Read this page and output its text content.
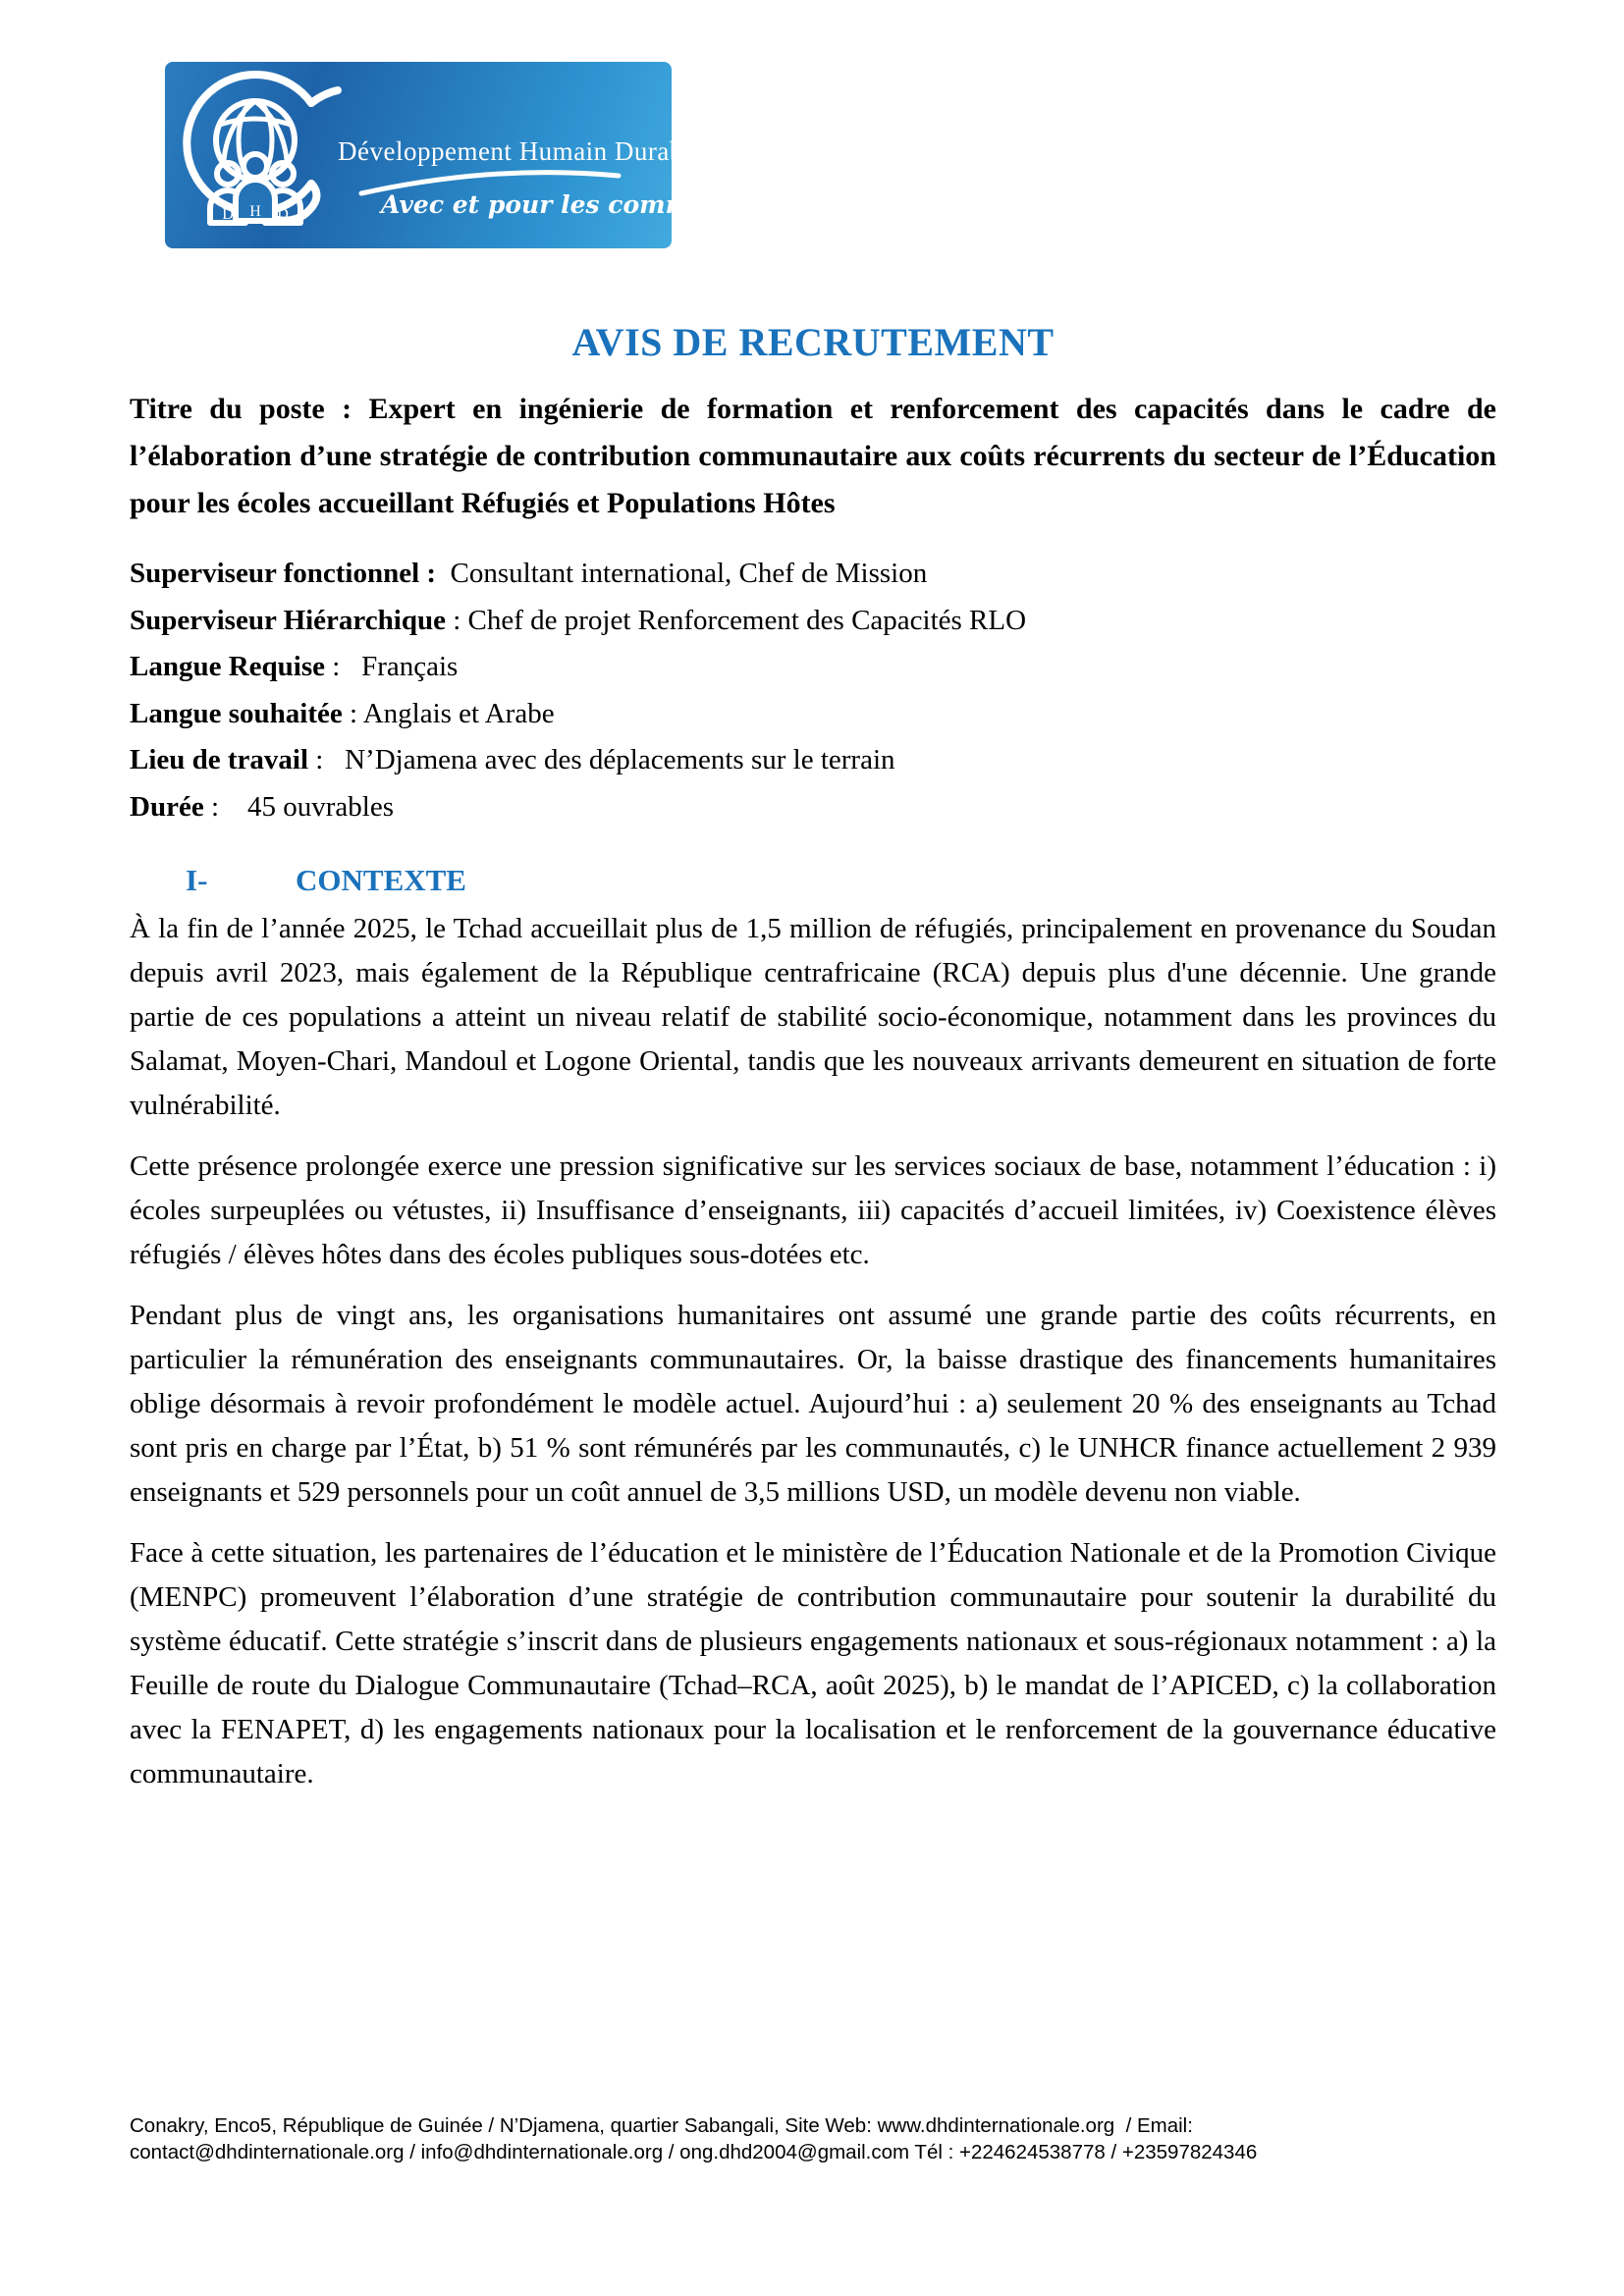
D H D
Développement Humain Durable
Avec et pour les communautés
AVIS DE RECRUTEMENT

Titre du poste : Expert en ingénierie de formation et renforcement des capacités dans le cadre de l’élaboration d’une stratégie de contribution communautaire aux coûts récurrents du secteur de l’Éducation pour les écoles accueillant Réfugiés et Populations Hôtes

Superviseur fonctionnel :  Consultant international, Chef de Mission
Superviseur Hiérarchique : Chef de projet Renforcement des Capacités RLO
Langue Requise :   Français
Langue souhaitée : Anglais et Arabe
Lieu de travail :   N’Djamena avec des déplacements sur le terrain
Durée :    45 ouvrables
I-	CONTEXTE

À la fin de l’année 2025, le Tchad accueillait plus de 1,5 million de réfugiés, principalement en provenance du Soudan depuis avril 2023, mais également de la République centrafricaine (RCA) depuis plus d'une décennie. Une grande partie de ces populations a atteint un niveau relatif de stabilité socio-économique, notamment dans les provinces du Salamat, Moyen-Chari, Mandoul et Logone Oriental, tandis que les nouveaux arrivants demeurent en situation de forte vulnérabilité.

Cette présence prolongée exerce une pression significative sur les services sociaux de base, notamment l’éducation : i) écoles surpeuplées ou vétustes, ii) Insuffisance d’enseignants, iii) capacités d’accueil limitées, iv) Coexistence élèves réfugiés / élèves hôtes dans des écoles publiques sous-dotées etc.

Pendant plus de vingt ans, les organisations humanitaires ont assumé une grande partie des coûts récurrents, en particulier la rémunération des enseignants communautaires. Or, la baisse drastique des financements humanitaires oblige désormais à revoir profondément le modèle actuel. Aujourd’hui : a) seulement 20 % des enseignants au Tchad sont pris en charge par l’État, b) 51 % sont rémunérés par les communautés, c) le UNHCR finance actuellement 2 939 enseignants et 529 personnels pour un coût annuel de 3,5 millions USD, un modèle devenu non viable.

Face à cette situation, les partenaires de l’éducation et le ministère de l’Éducation Nationale et de la Promotion Civique (MENPC) promeuvent l’élaboration d’une stratégie de contribution communautaire pour soutenir la durabilité du système éducatif. Cette stratégie s’inscrit dans de plusieurs engagements nationaux et sous-régionaux notamment : a) la Feuille de route du Dialogue Communautaire (Tchad–RCA, août 2025), b) le mandat de l’APICED, c) la collaboration avec la FENAPET, d) les engagements nationaux pour la localisation et le renforcement de la gouvernance éducative communautaire.

Conakry, Enco5, République de Guinée / N’Djamena, quartier Sabangali, Site Web: www.dhdinternationale.org  / Email:
contact@dhdinternationale.org / info@dhdinternationale.org / ong.dhd2004@gmail.com Tél : +224624538778 / +23597824346
